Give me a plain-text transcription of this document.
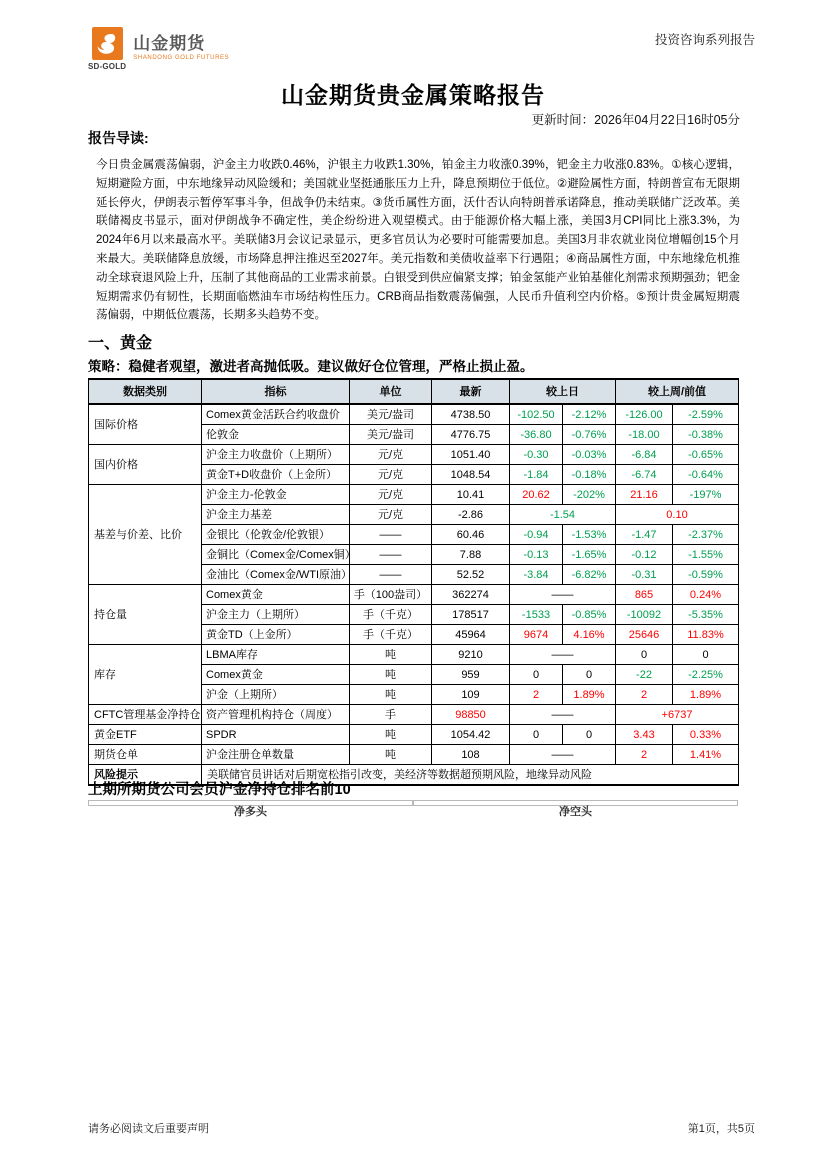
SD-GOLD
山金期货
SHANDONG GOLD FUTURES
投资咨询系列报告
山金期货贵金属策略报告
更新时间：2026年04月22日16时05分
报告导读:
今日贵金属震荡偏弱，沪金主力收跌0.46%，沪银主力收跌1.30%，铂金主力收涨0.39%，钯金主力收涨0.83%。①核心逻辑，短期避险方面，中东地缘异动风险缓和；美国就业坚挺通胀压力上升，降息预期位于低位。②避险属性方面，特朗普宣布无限期延长停火，伊朗表示暂停军事斗争，但战争仍未结束。③货币属性方面，沃什否认向特朗普承诺降息，推动美联储广泛改革。美联储褐皮书显示，面对伊朗战争不确定性，美企纷纷进入观望模式。由于能源价格大幅上涨，美国3月CPI同比上涨3.3%，为2024年6月以来最高水平。美联储3月会议记录显示，更多官员认为必要时可能需要加息。美国3月非农就业岗位增幅创15个月来最大。美联储降息放缓，市场降息押注推迟至2027年。美元指数和美债收益率下行遇阻；④商品属性方面，中东地缘危机推动全球衰退风险上升，压制了其他商品的工业需求前景。白银受到供应偏紧支撑；铂金氢能产业铂基催化剂需求预期强劲；钯金短期需求仍有韧性，长期面临燃油车市场结构性压力。CRB商品指数震荡偏强，人民币升值利空内价格。⑤预计贵金属短期震荡偏弱，中期低位震荡，长期多头趋势不变。
一、黄金
策略：稳健者观望，激进者高抛低吸。建议做好仓位管理，严格止损止盈。
数据类别	指标	单位	最新	较上日		较上周/前值	
国际价格	Comex黄金活跃合约收盘价	美元/盎司	4738.50	-102.50	-2.12%	-126.00	-2.59%
	伦敦金	美元/盎司	4776.75	-36.80	-0.76%	-18.00	-0.38%
国内价格	沪金主力收盘价（上期所）	元/克	1051.40	-0.30	-0.03%	-6.84	-0.65%
	黄金T+D收盘价（上金所）	元/克	1048.54	-1.84	-0.18%	-6.74	-0.64%
基差与价差、比价	沪金主力-伦敦金	元/克	10.41	20.62	-202%	21.16	-197%
	沪金主力基差	元/克	-2.86	-1.54		0.10	
	金银比（伦敦金/伦敦银）	——	60.46	-0.94	-1.53%	-1.47	-2.37%
	金铜比（Comex金/Comex铜）	——	7.88	-0.13	-1.65%	-0.12	-1.55%
	金油比（Comex金/WTI原油）	——	52.52	-3.84	-6.82%	-0.31	-0.59%
持仓量	Comex黄金	手（100盎司）	362274	——		865	0.24%
	沪金主力（上期所）	手（千克）	178517	-1533	-0.85%	-10092	-5.35%
	黄金TD（上金所）	手（千克）	45964	9674	4.16%	25646	11.83%
库存	LBMA库存	吨	9210	——		0	0
	Comex黄金	吨	959	0	0	-22	-2.25%
	沪金（上期所）	吨	109	2	1.89%	2	1.89%
CFTC管理基金净持仓	资产管理机构持仓（周度）	手	98850	——		+6737	
黄金ETF	SPDR	吨	1054.42	0	0	3.43	0.33%
期货仓单	沪金注册仓单数量	吨	108	——		2	1.41%
风险提示	美联储官员讲话对后期宽松指引改变，美经济等数据超预期风险，地缘异动风险						
上期所期货公司会员沪金净持仓排名前10
净多头	净空头
请务必阅读文后重要声明	第1页，共5页
